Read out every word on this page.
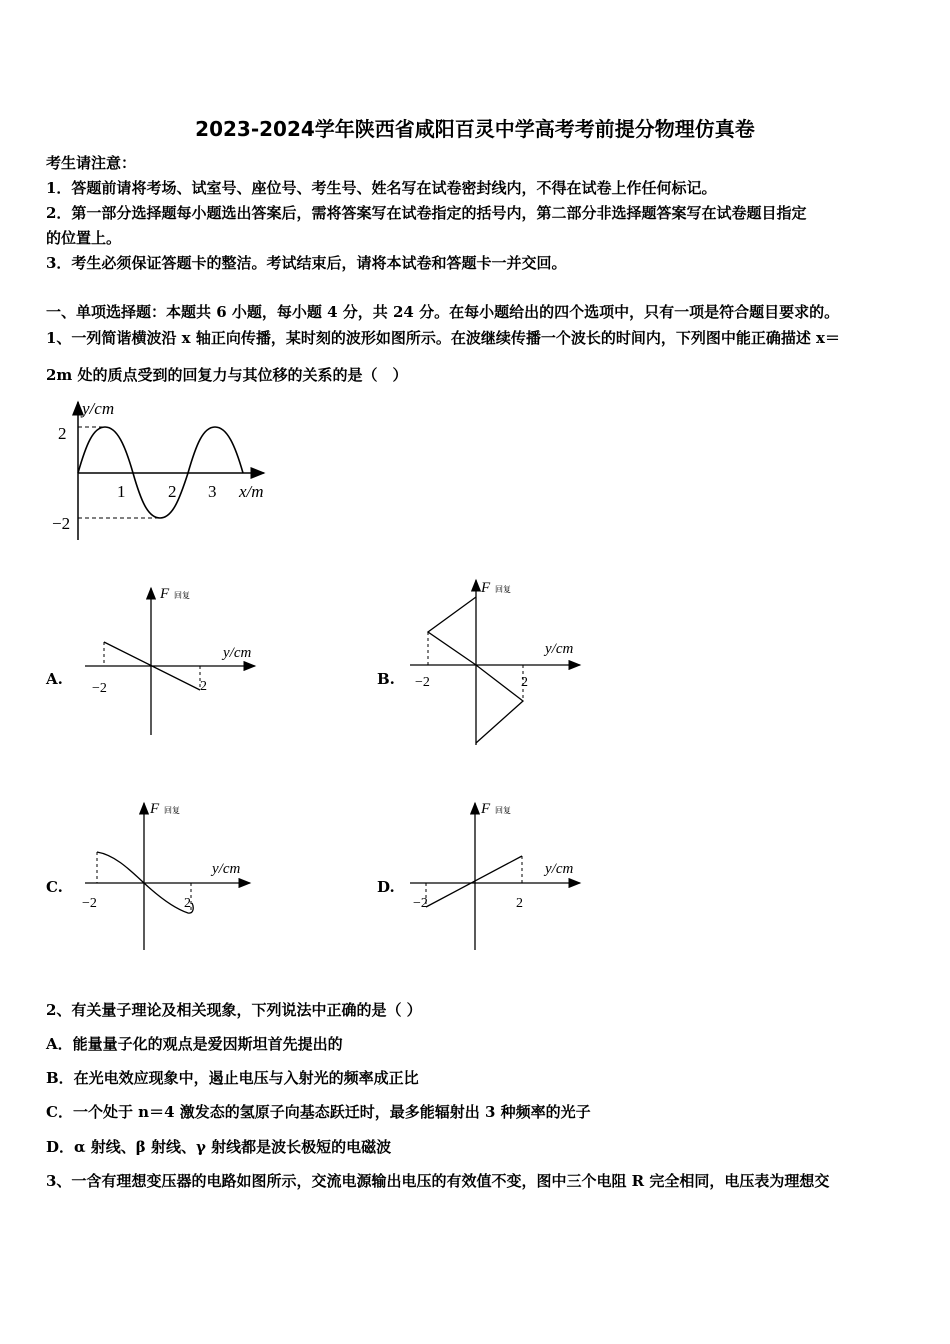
2023-2024学年陕西省咸阳百灵中学高考考前提分物理仿真卷
考生请注意：
1．答题前请将考场、试室号、座位号、考生号、姓名写在试卷密封线内，不得在试卷上作任何标记。
2．第一部分选择题每小题选出答案后，需将答案写在试卷指定的括号内，第二部分非选择题答案写在试卷题目指定
的位置上。
3．考生必须保证答题卡的整洁。考试结束后，请将本试卷和答题卡一并交回。
一、单项选择题：本题共 6 小题，每小题 4 分，共 24 分。在每小题给出的四个选项中，只有一项是符合题目要求的。
1、一列简谐横波沿 x 轴正向传播，某时刻的波形如图所示。在波继续传播一个波长的时间内，下列图中能正确描述 x＝
2m 处的质点受到的回复力与其位移的关系的是（　）
y/cm
2
−2
1	2 3 x/m
A.
F 回复
y/cm
−2	2	B.
F 回复
y/cm
−2	2
C.
F 回复
y/cm
−2	2
D.
F 回复
y/cm
−2	2
2、有关量子理论及相关现象，下列说法中正确的是（ ）
A．能量量子化的观点是爱因斯坦首先提出的
B．在光电效应现象中，遏止电压与入射光的频率成正比
C．一个处于 n＝4 激发态的氢原子向基态跃迁时，最多能辐射出 3 种频率的光子
D．α 射线、β 射线、γ 射线都是波长极短的电磁波
3、一含有理想变压器的电路如图所示，交流电源输出电压的有效值不变，图中三个电阻 R 完全相同，电压表为理想交
